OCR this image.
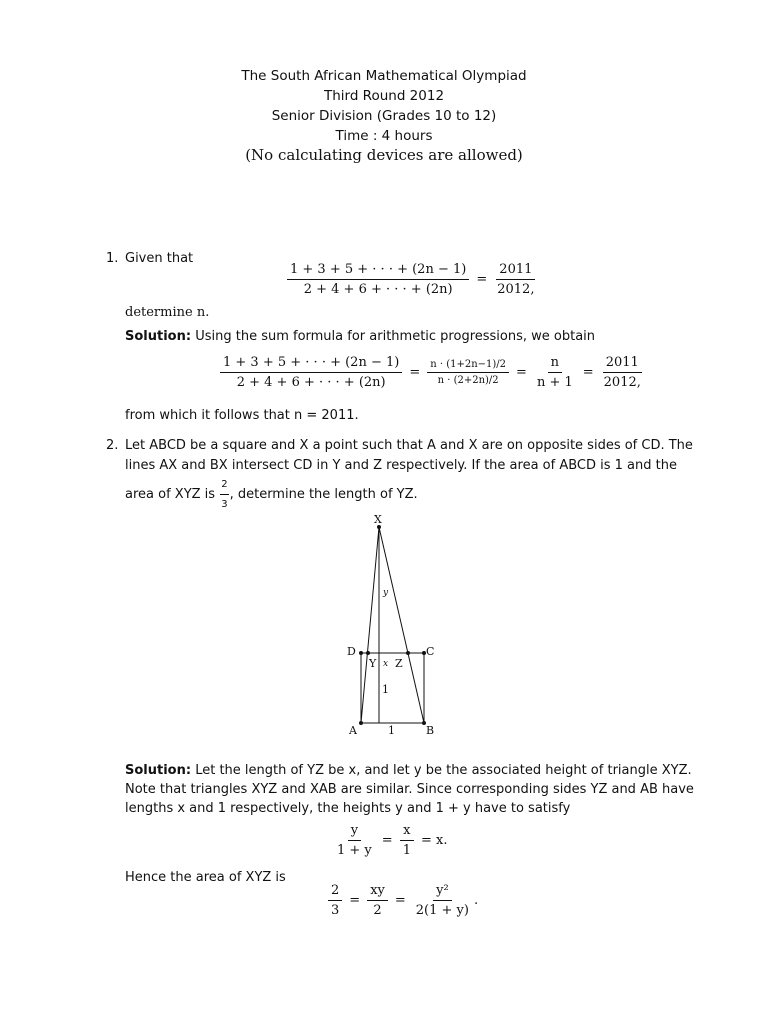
The South African Mathematical Olympiad
Third Round 2012
Senior Division (Grades 10 to 12)
Time : 4 hours
(No calculating devices are allowed)
1. Given that
$\frac{1 + 3 + 5 + \cdot \cdot \cdot + (2n - 1)}{2 + 4 + 6 + \cdot \cdot \cdot + (2n)} = \frac{2011}{2012,}$
determine n.
Solution: Using the sum formula for arithmetic progressions, we obtain
$\frac{1 + 3 + 5 + \cdot \cdot \cdot + (2n - 1)}{2 + 4 + 6 + \cdot \cdot \cdot + (2n)} = \frac{n \cdot (1+2n-1)/2}{n \cdot (2+2n)/2} = \frac{n}{n + 1} = \frac{2011}{2012,}$
from which it follows that n = 2011.
2. Let ABCD be a square and X a point such that A and X are on opposite sides of CD. The
lines AX and BX intersect CD in Y and Z respectively. If the area of ABCD is 1 and the
area of XYZ is $\frac{2}{3}$ , determine the length of YZ.
X
y
D	C
Y x Z
1
A	1	B
Solution: Let the length of YZ be x, and let y be the associated height of triangle XYZ.
Note that triangles XYZ and XAB are similar. Since corresponding sides YZ and AB have
lengths x and 1 respectively, the heights y and 1 + y have to satisfy
$\frac{y}{1 + y} = \frac{x}{1} = x$.
Hence the area of XYZ is
$\frac{2}{3} = \frac{xy}{2} = \frac{\text{y²}}{2(1 + y)}$ .
